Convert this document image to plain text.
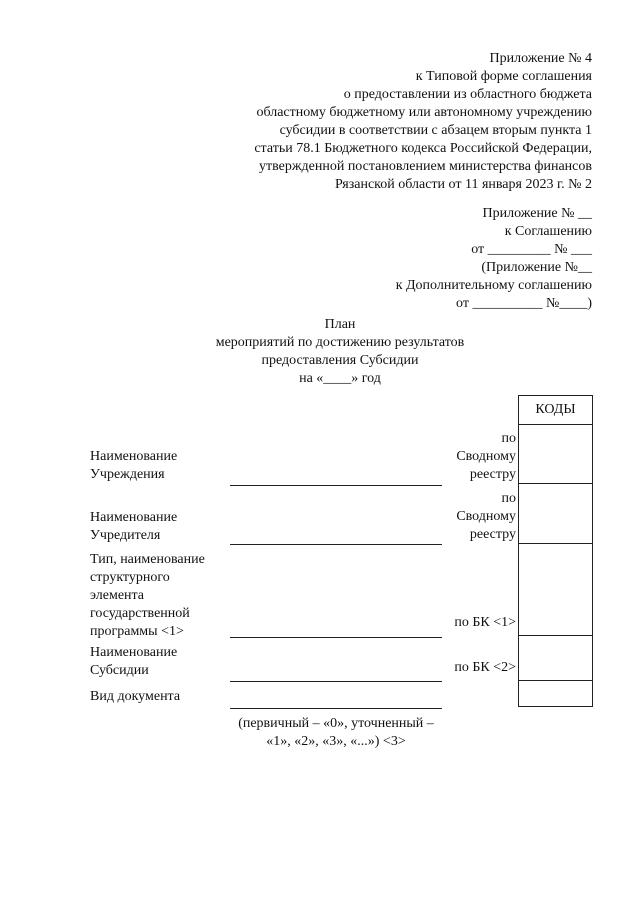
Приложение № 4
к Типовой форме соглашения
о предоставлении из областного бюджета
областному бюджетному или автономному учреждению
субсидии в соответствии с абзацем вторым пункта 1
статьи 78.1 Бюджетного кодекса Российской Федерации,
утвержденной постановлением министерства финансов
Рязанской области от 11 января 2023 г. № 2
Приложение № __
к Соглашению
от _________ № ___
(Приложение №__
к Дополнительному соглашению
от __________ №____)
План
мероприятий по достижению результатов
предоставления Субсидии
на «____» год
КОДЫ
Наименование
Учреждения
по
Сводному
реестру
Наименование
Учредителя
по
Сводному
реестру
Тип, наименование
структурного
элемента
государственной
программы <1>
по БК <1>
Наименование
Субсидии	по БК <2>
Вид документа
(первичный – «0», уточненный –
«1», «2», «3», «...») <3>
